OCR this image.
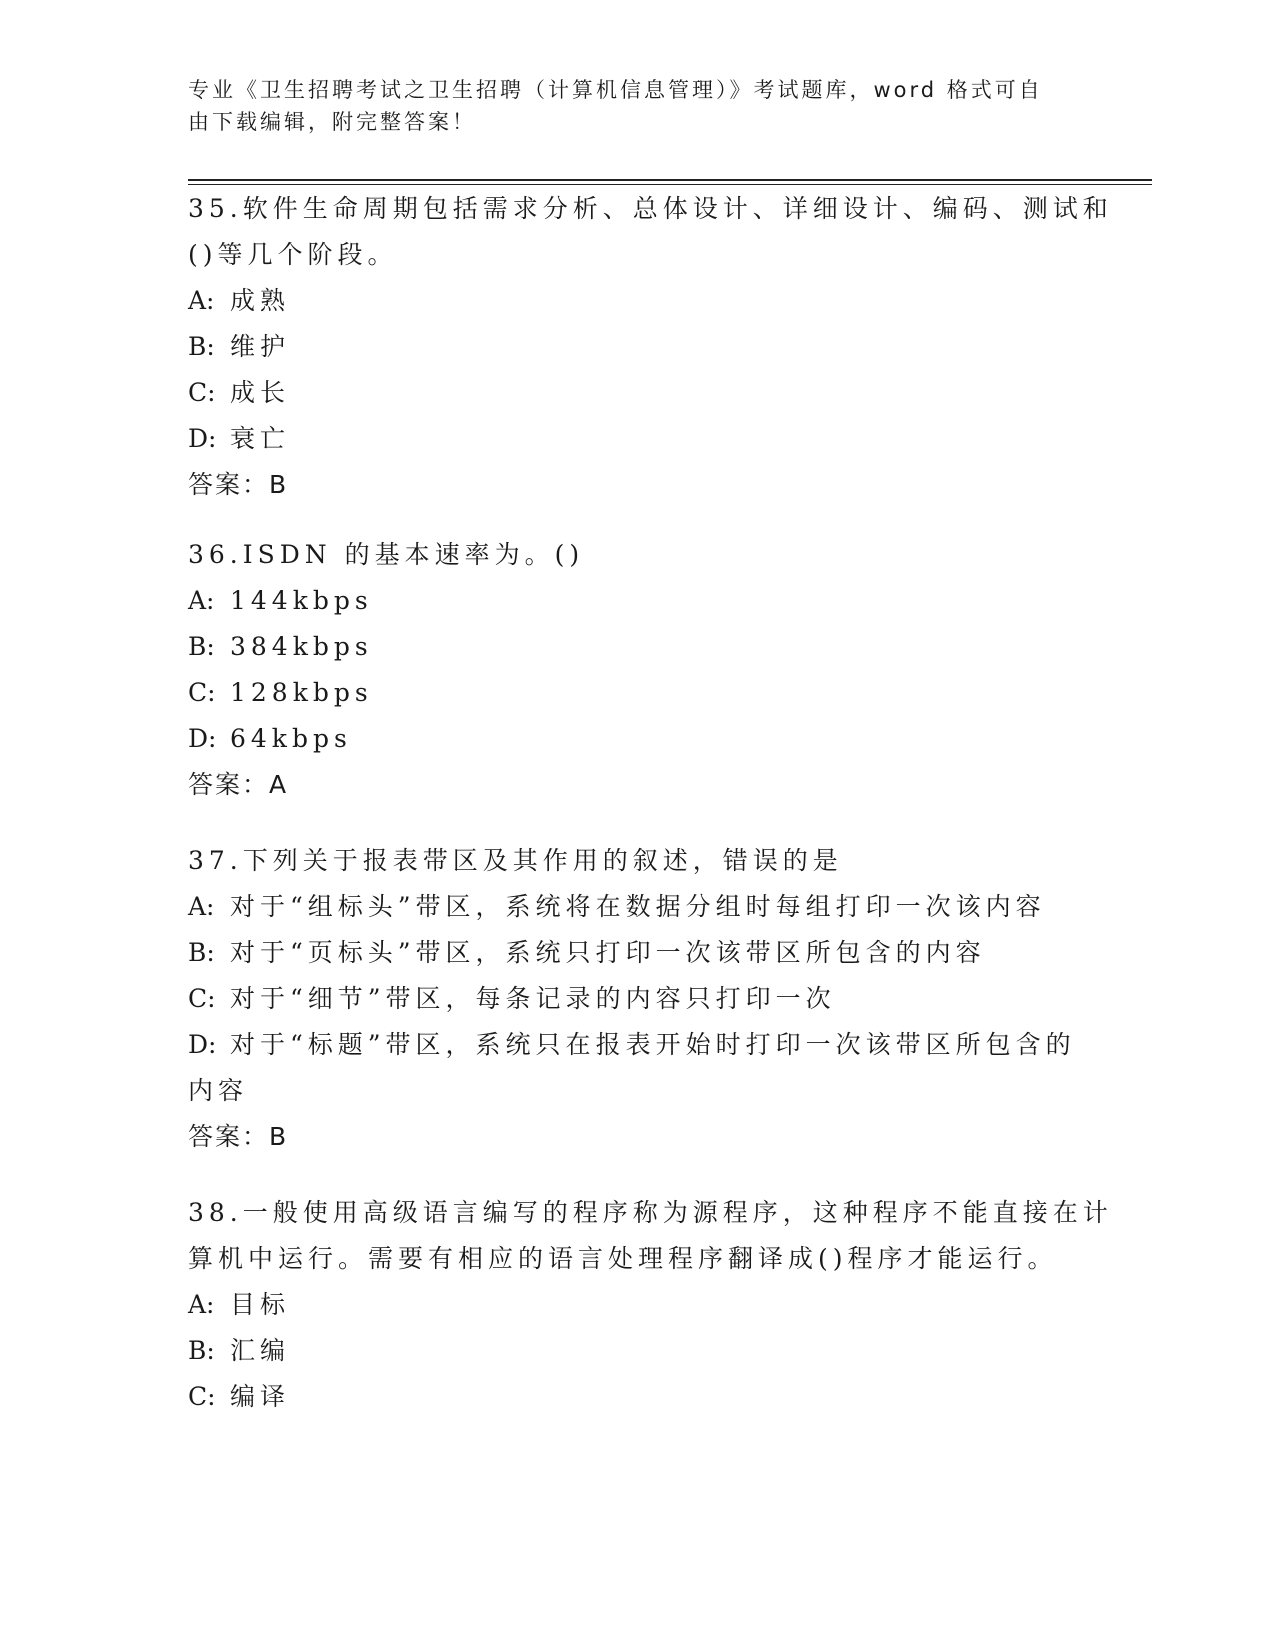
专业《卫生招聘考试之卫生招聘（计算机信息管理）》考试题库，word 格式可自
由下载编辑，附完整答案！
35.软件生命周期包括需求分析、总体设计、详细设计、编码、测试和
()等几个阶段。
A: 成熟
B: 维护
C: 成长
D: 衰亡
答案：B
36.ISDN 的基本速率为。()
A: 144kbps
B: 384kbps
C: 128kbps
D: 64kbps
答案：A
37.下列关于报表带区及其作用的叙述，错误的是
A: 对于“组标头”带区，系统将在数据分组时每组打印一次该内容
B: 对于“页标头”带区，系统只打印一次该带区所包含的内容
C: 对于“细节”带区，每条记录的内容只打印一次
D: 对于“标题”带区，系统只在报表开始时打印一次该带区所包含的
内容
答案：B
38.一般使用高级语言编写的程序称为源程序，这种程序不能直接在计
算机中运行。需要有相应的语言处理程序翻译成()程序才能运行。
A: 目标
B: 汇编
C: 编译
